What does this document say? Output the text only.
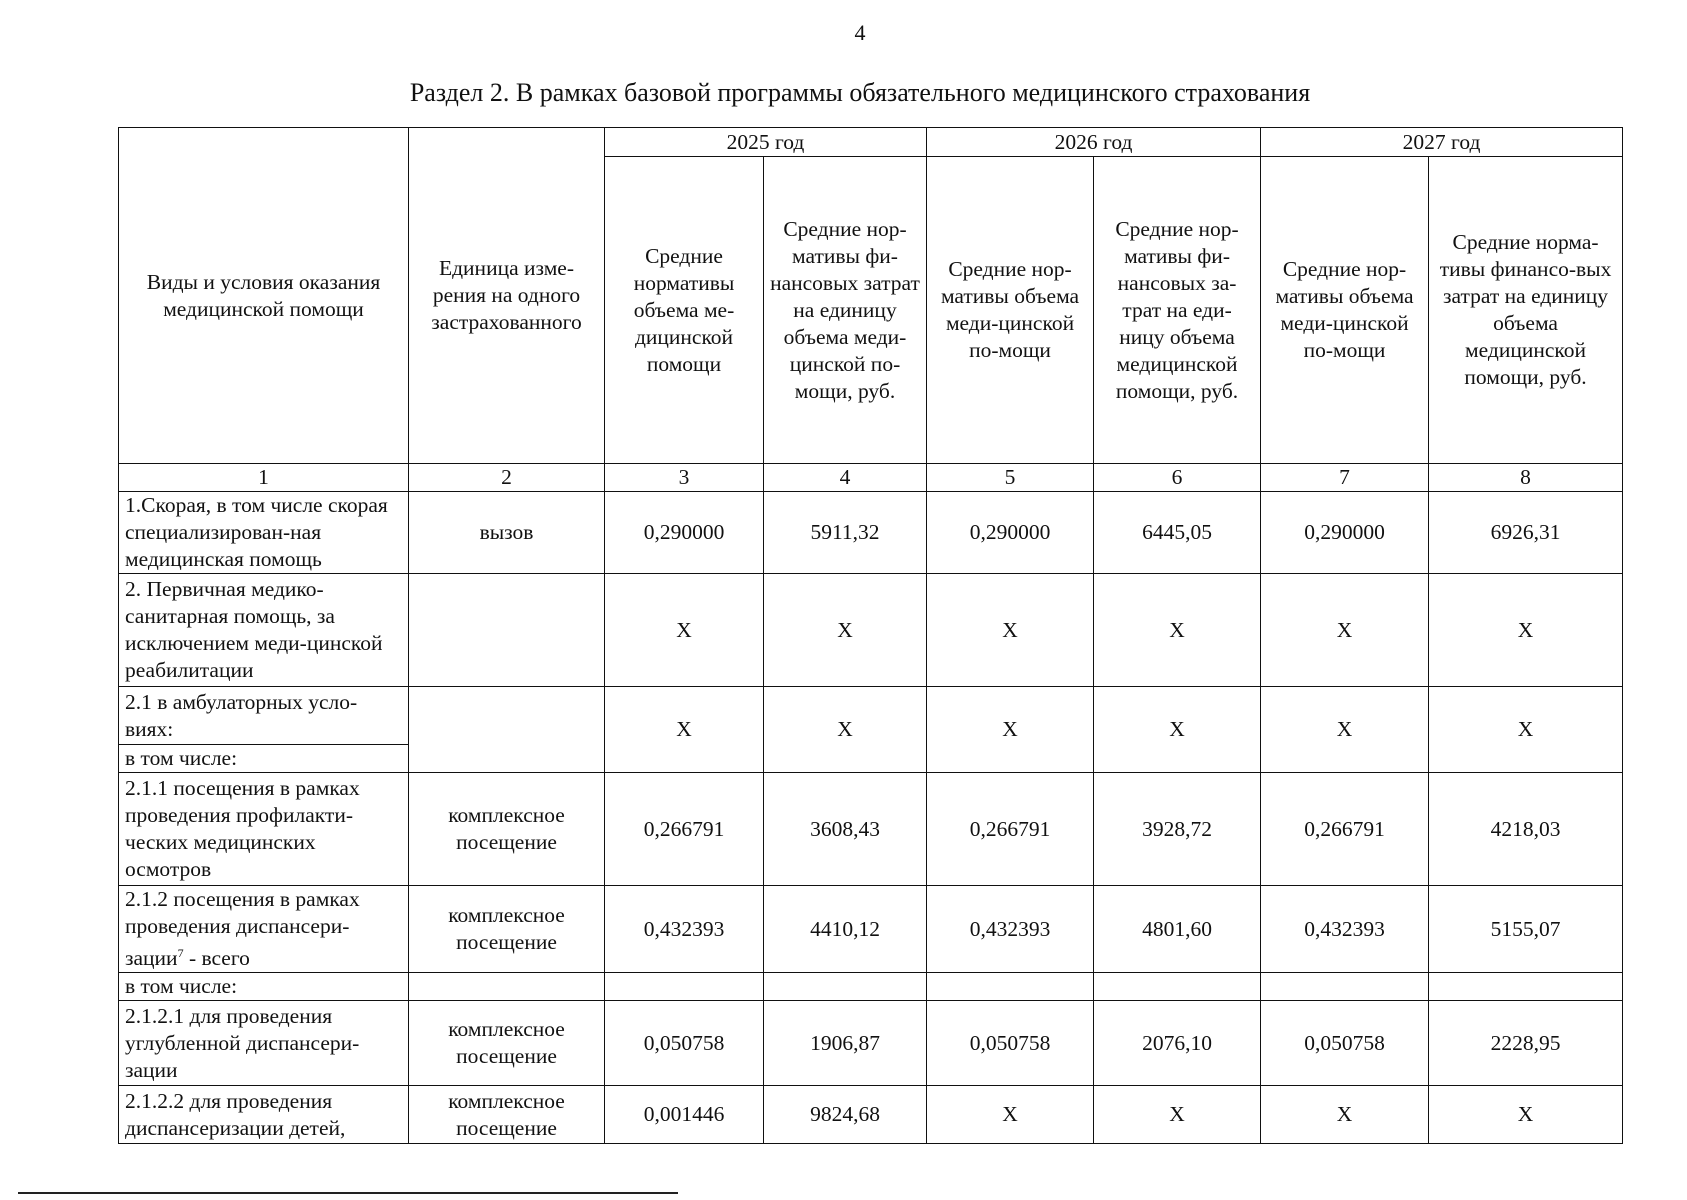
4
Раздел 2. В рамках базовой программы обязательного медицинского страхования
Виды и условия оказания медицинской помощи	Единица изме-рения на одного застрахованного	2025 год		2026 год		2027 год	
		Средние нормативы объема ме-дицинской помощи	Средние нор-мативы фи-нансовых затрат на единицу объема меди-цинской по-мощи, руб.	Средние нор-мативы объема меди-цинской по-мощи	Средние нор-мативы фи-нансовых за-трат на еди-ницу объема медицинской помощи, руб.	Средние нор-мативы объема меди-цинской по-мощи	Средние норма-тивы финансо-вых затрат на единицу объема медицинской помощи, руб.
1	2	3	4	5	6	7	8
1.Скорая, в том числе скорая специализирован-ная медицинская помощь	вызов	0,290000	5911,32	0,290000	6445,05	0,290000	6926,31
2. Первичная медико-санитарная помощь, за исключением меди-цинской реабилитации		X	X	X	X	X	X
2.1 в амбулаторных усло-виях:		X	X	X	X	X	X
в том числе:							
2.1.1 посещения в рамках проведения профилакти-ческих медицинских осмотров	комплексное посещение	0,266791	3608,43	0,266791	3928,72	0,266791	4218,03
2.1.2 посещения в рамках проведения диспансери-зации$^7$ - всего	комплексное посещение	0,432393	4410,12	0,432393	4801,60	0,432393	5155,07
в том числе:							
2.1.2.1 для проведения углубленной диспансери-зации	комплексное посещение	0,050758	1906,87	0,050758	2076,10	0,050758	2228,95
2.1.2.2 для проведения диспансеризации детей,	комплексное посещение	0,001446	9824,68	X	X	X	X
